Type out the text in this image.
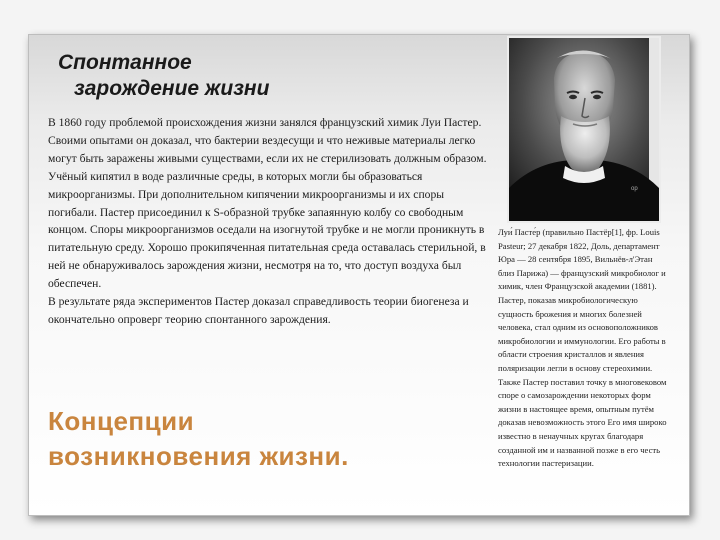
Спонтанное
зарождение жизни

В 1860 году проблемой происхождения жизни занялся французский химик Луи Пастер. Своими опытами он доказал, что бактерии вездесущи и что неживые материалы легко могут быть заражены живыми существами, если их не стерилизовать должным образом. Учёный кипятил в воде различные среды, в которых могли бы образоваться микроорганизмы. При дополнительном кипячении микроорганизмы и их споры погибали. Пастер присоединил к S-образной трубке запаянную колбу со свободным концом. Споры микроорганизмов оседали на изогнутой трубке и не могли проникнуть в питательную среду. Хорошо прокипяченная питательная среда оставалась стерильной, в ней не обнаруживалось зарождения жизни, несмотря на то, что доступ воздуха был обеспечен.

В результате ряда экспериментов Пастер доказал справедливость теории биогенеза и окончательно опроверг теорию спонтанного зарождения.

Концепции
возникновения жизни.
op

Луи́ Пасте́р (правильно Пастёр[1], фр. Louis Pasteur; 27 декабря 1822, Доль, департамент Юра — 28 сентября 1895, Вильнёв-л'Этан близ Парижа) — французский микробиолог и химик, член Французской академии (1881). Пастер, показав микробиологическую сущность брожения и многих болезней человека, стал одним из основоположников микробиологии и иммунологии. Его работы в области строения кристаллов и явления поляризации легли в основу стереохимии. Также Пастер поставил точку в многовековом споре о самозарождении некоторых форм жизни в настоящее время, опытным путём доказав невозможность этого Его имя широко известно в ненаучных кругах благодаря созданной им и названной позже в его честь технологии пастеризации.
